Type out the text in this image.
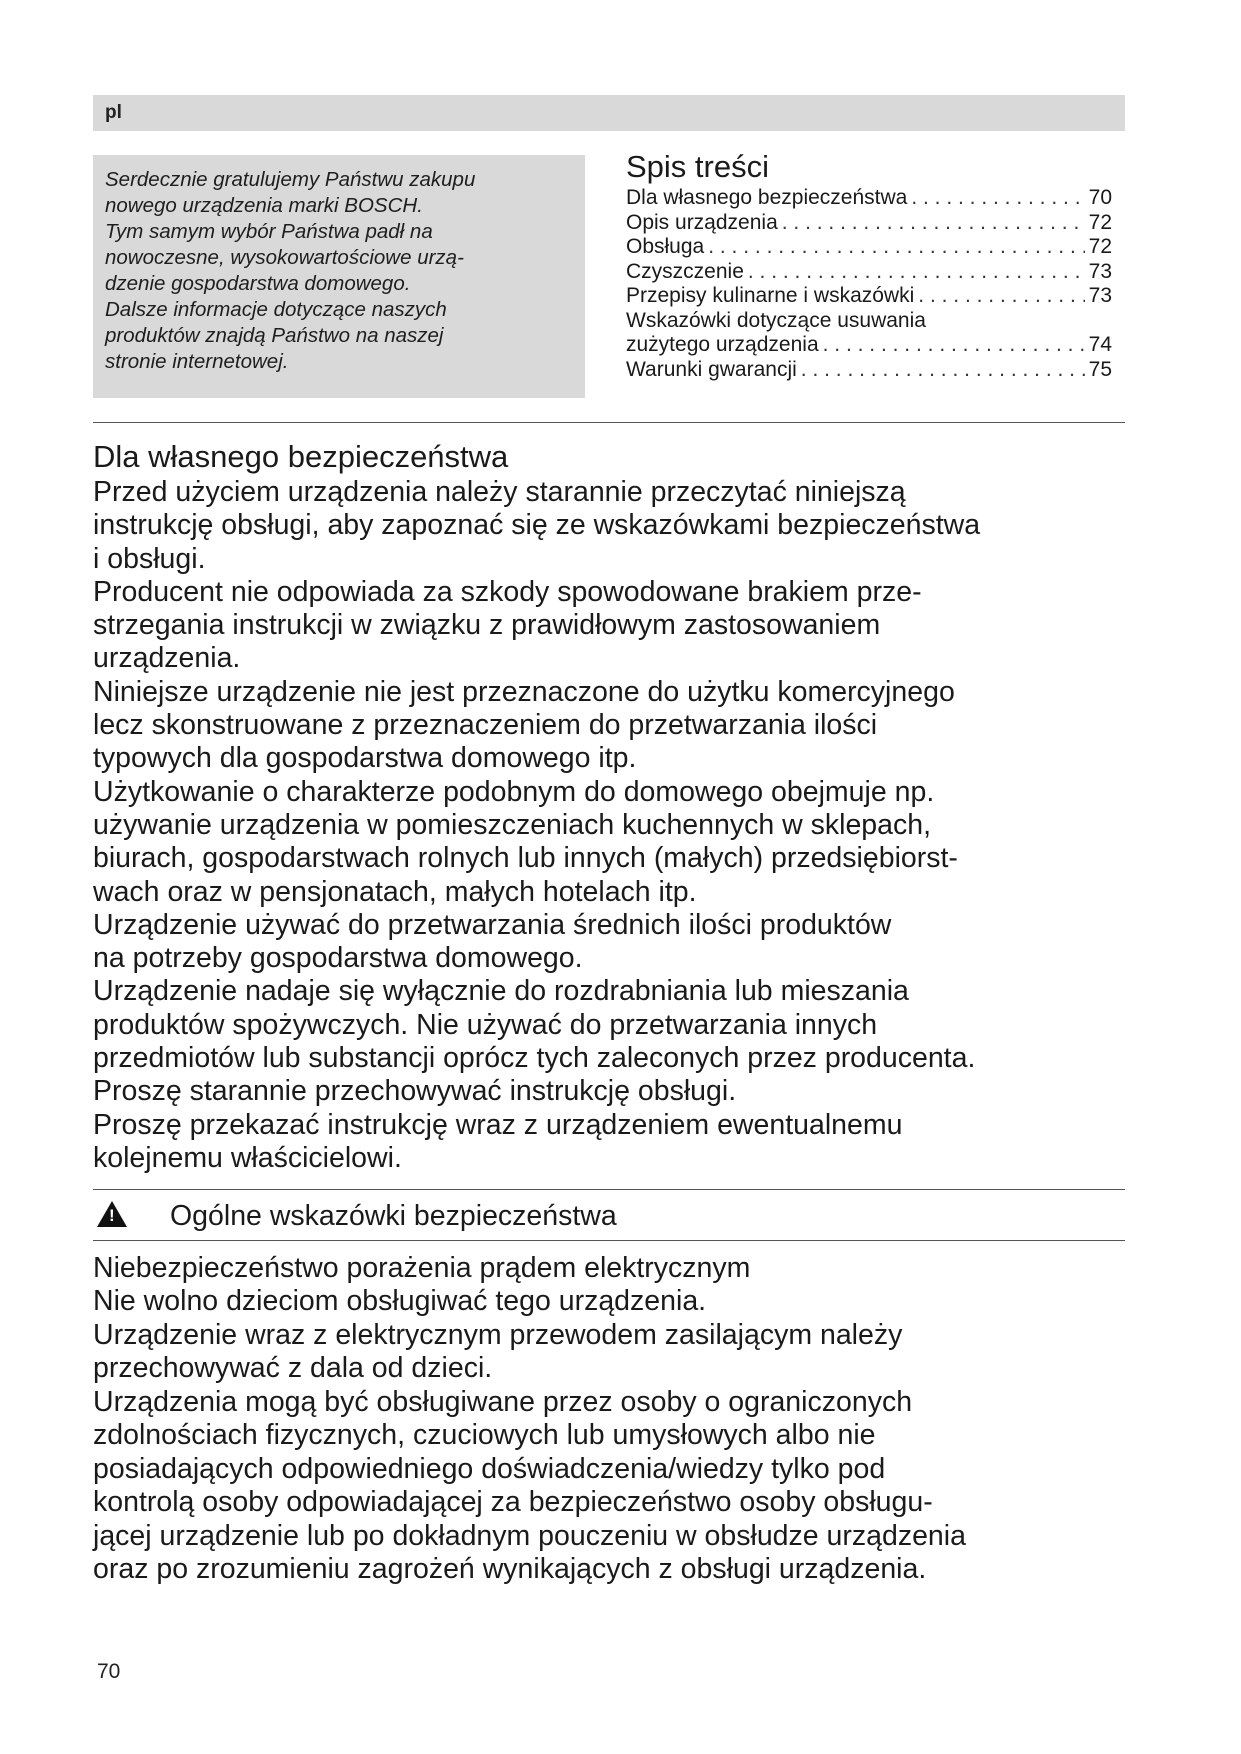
pl
Serdecznie gratulujemy Państwu zakupu
nowego urządzenia marki BOSCH.
Tym samym wybór Państwa padł na
nowoczesne, wysokowartościowe urzą-
dzenie gospodarstwa domowego.
Dalsze informacje dotyczące naszych
produktów znajdą Państwo na naszej
stronie internetowej.
Spis treści
Dla własnego bezpieczeństwa . . .	70
Opis urządzenia . . .	72
Obsługa . . .	72
Czyszczenie . . .	73
Przepisy kulinarne i wskazówki . . .	73
Wskazówki dotyczące usuwania
zużytego urządzenia . . .	74
Warunki gwarancji . . .	75
Dla własnego bezpieczeństwa
Przed użyciem urządzenia należy starannie przeczytać niniejszą
instrukcję obsługi, aby zapoznać się ze wskazówkami bezpieczeństwa
i obsługi.
Producent nie odpowiada za szkody spowodowane brakiem prze-
strzegania instrukcji w związku z prawidłowym zastosowaniem
urządzenia.
Niniejsze urządzenie nie jest przeznaczone do użytku komercyjnego
lecz skonstruowane z przeznaczeniem do przetwarzania ilości
typowych dla gospodarstwa domowego itp.
Użytkowanie o charakterze podobnym do domowego obejmuje np.
używanie urządzenia w pomieszczeniach kuchennych w sklepach,
biurach, gospodarstwach rolnych lub innych (małych) przedsiębiorst-
wach oraz w pensjonatach, małych hotelach itp.
Urządzenie używać do przetwarzania średnich ilości produktów
na potrzeby gospodarstwa domowego.
Urządzenie nadaje się wyłącznie do rozdrabniania lub mieszania
produktów spożywczych. Nie używać do przetwarzania innych
przedmiotów lub substancji oprócz tych zaleconych przez producenta.
Proszę starannie przechowywać instrukcję obsługi.
Proszę przekazać instrukcję wraz z urządzeniem ewentualnemu
kolejnemu właścicielowi.
!
Ogólne wskazówki bezpieczeństwa
Niebezpieczeństwo porażenia prądem elektrycznym
Nie wolno dzieciom obsługiwać tego urządzenia.
Urządzenie wraz z elektrycznym przewodem zasilającym należy
przechowywać z dala od dzieci.
Urządzenia mogą być obsługiwane przez osoby o ograniczonych
zdolnościach fizycznych, czuciowych lub umysłowych albo nie
posiadających odpowiedniego doświadczenia/wiedzy tylko pod
kontrolą osoby odpowiadającej za bezpieczeństwo osoby obsługu-
jącej urządzenie lub po dokładnym pouczeniu w obsłudze urządzenia
oraz po zrozumieniu zagrożeń wynikających z obsługi urządzenia.
70
